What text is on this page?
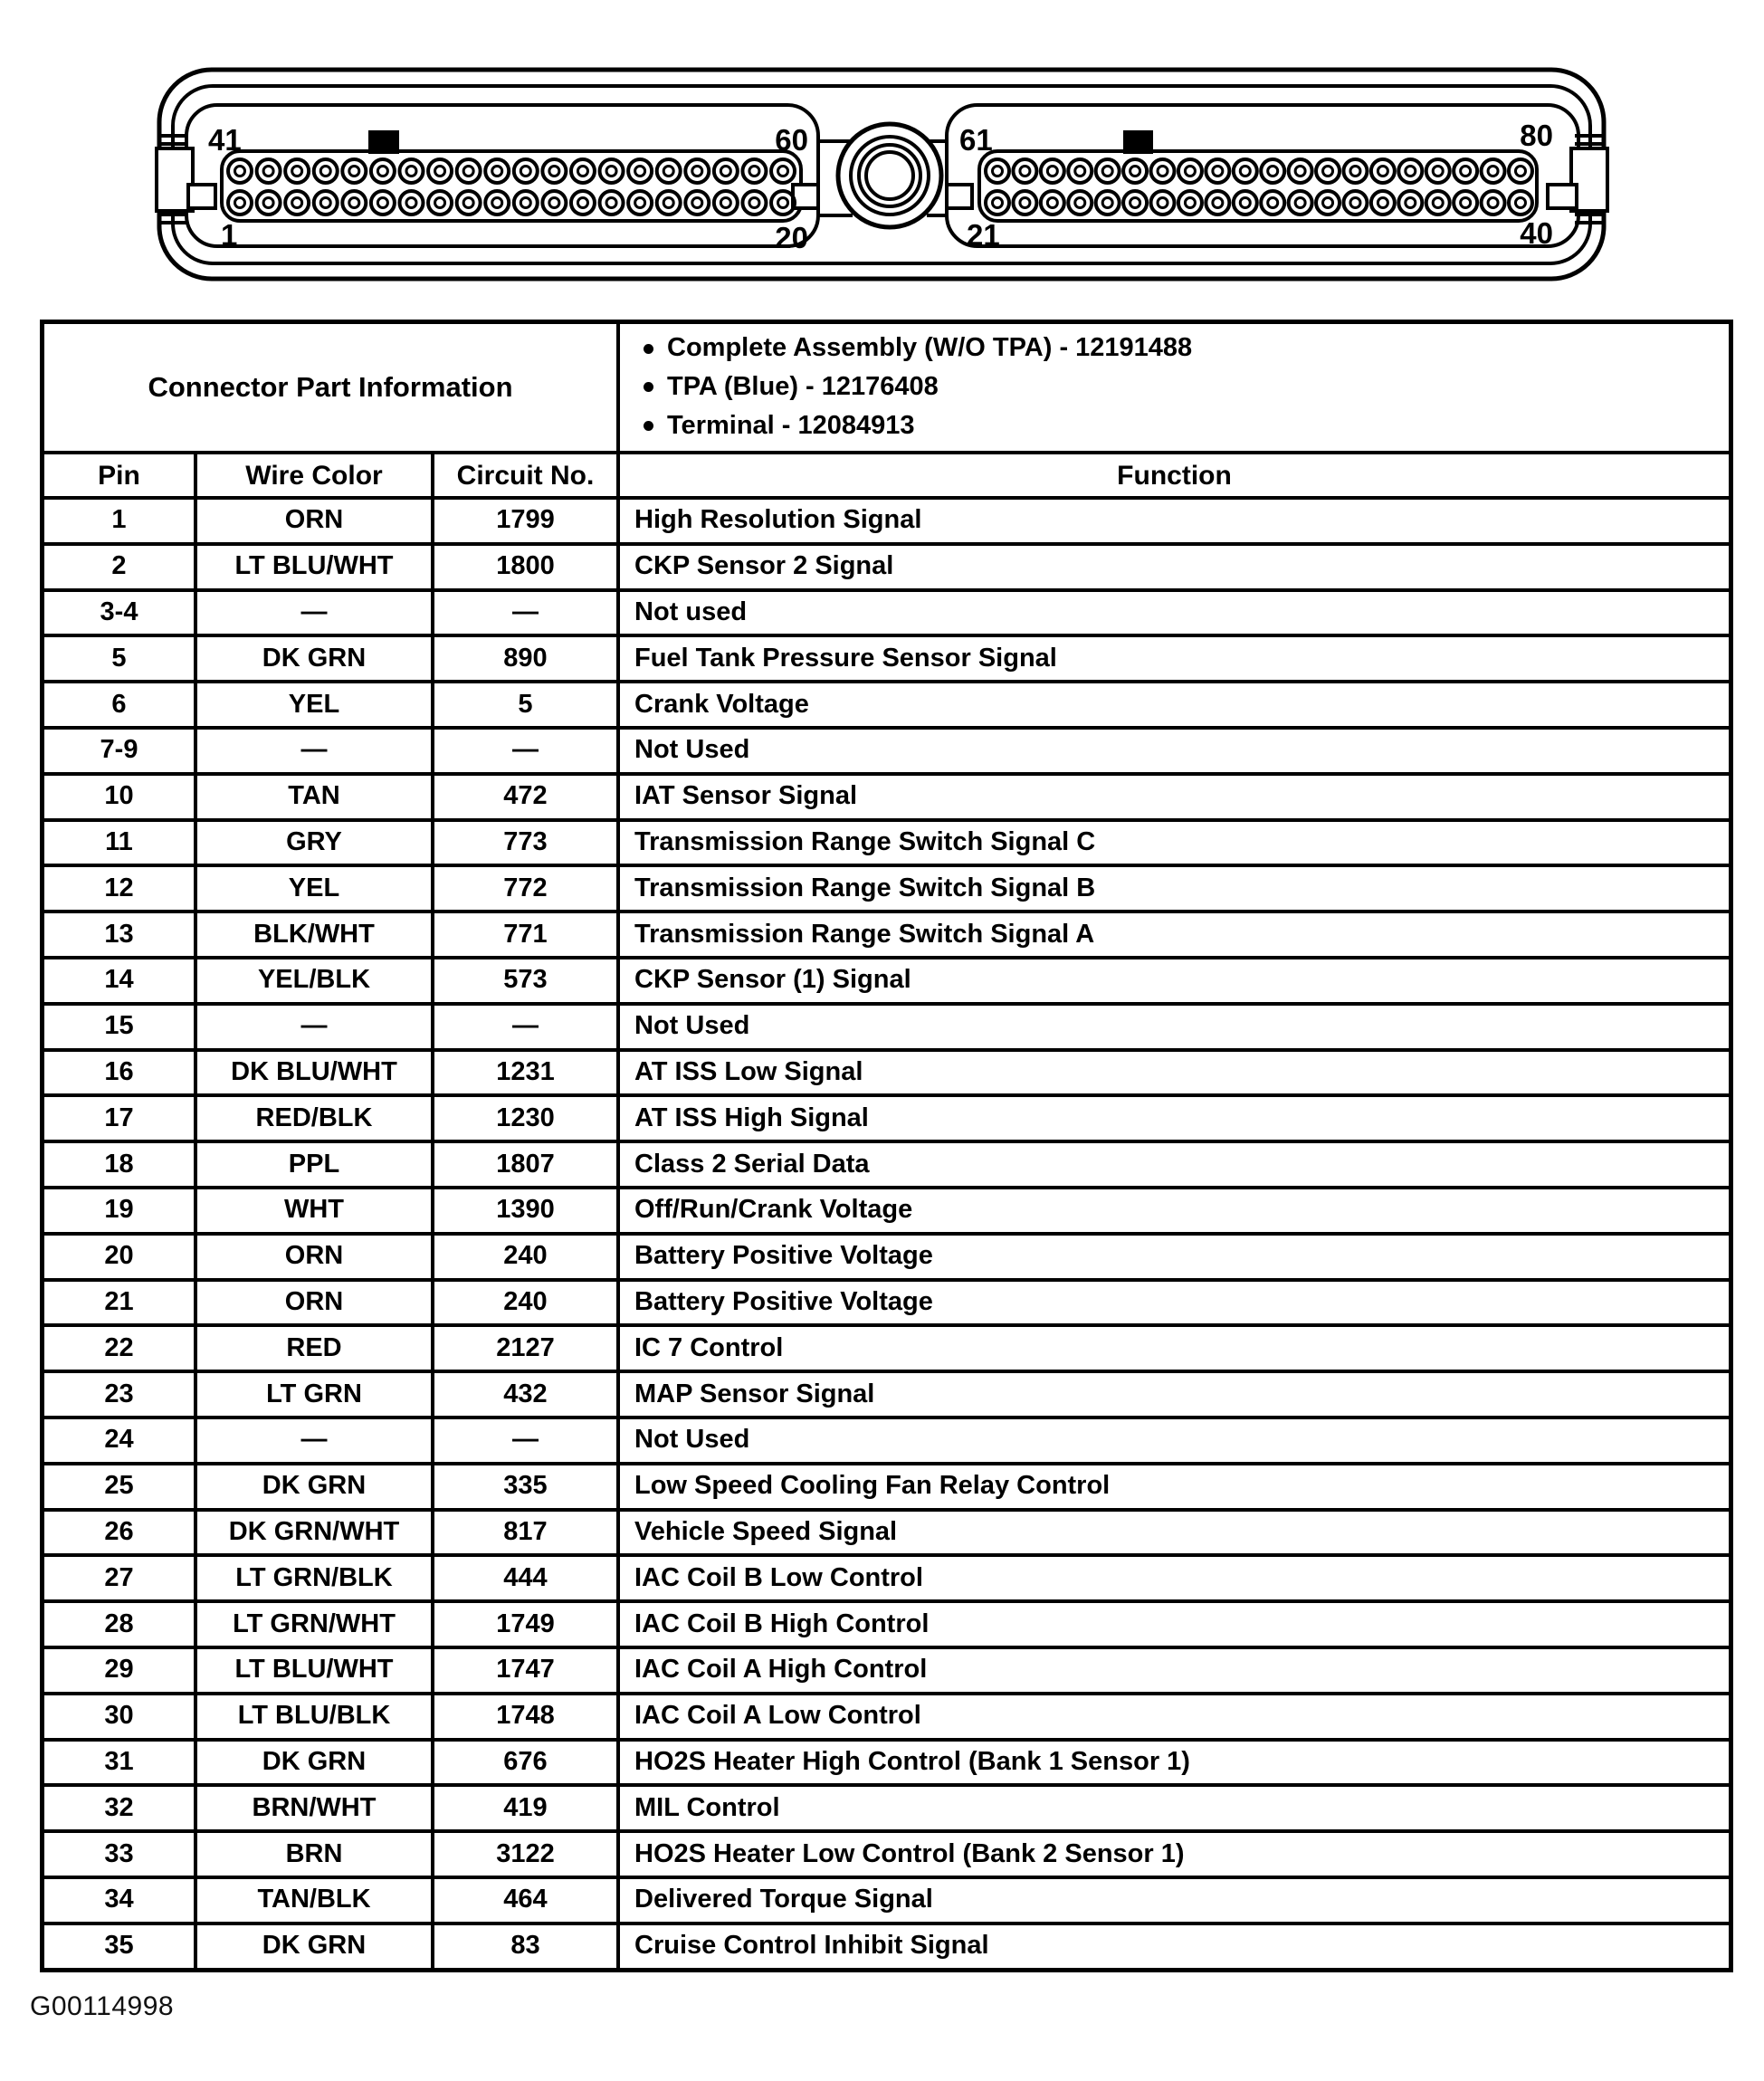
41	60
1	20
61	80
21	40
Connector Part Information
Complete Assembly (W/O TPA) - 12191488
TPA (Blue) - 12176408
Terminal - 12084913
Pin	Wire Color	Circuit No.	Function
1	ORN	1799	High Resolution Signal
2	LT BLU/WHT	1800	CKP Sensor 2 Signal
3-4	—	—	Not used
5	DK GRN	890	Fuel Tank Pressure Sensor Signal
6	YEL	5	Crank Voltage
7-9	—	—	Not Used
10	TAN	472	IAT Sensor Signal
11	GRY	773	Transmission Range Switch Signal C
12	YEL	772	Transmission Range Switch Signal B
13	BLK/WHT	771	Transmission Range Switch Signal A
14	YEL/BLK	573	CKP Sensor (1) Signal
15	—	—	Not Used
16	DK BLU/WHT	1231	AT ISS Low Signal
17	RED/BLK	1230	AT ISS High Signal
18	PPL	1807	Class 2 Serial Data
19	WHT	1390	Off/Run/Crank Voltage
20	ORN	240	Battery Positive Voltage
21	ORN	240	Battery Positive Voltage
22	RED	2127	IC 7 Control
23	LT GRN	432	MAP Sensor Signal
24	—	—	Not Used
25	DK GRN	335	Low Speed Cooling Fan Relay Control
26	DK GRN/WHT	817	Vehicle Speed Signal
27	LT GRN/BLK	444	IAC Coil B Low Control
28	LT GRN/WHT	1749	IAC Coil B High Control
29	LT BLU/WHT	1747	IAC Coil A High Control
30	LT BLU/BLK	1748	IAC Coil A Low Control
31	DK GRN	676	HO2S Heater High Control (Bank 1 Sensor 1)
32	BRN/WHT	419	MIL Control
33	BRN	3122	HO2S Heater Low Control (Bank 2 Sensor 1)
34	TAN/BLK	464	Delivered Torque Signal
35	DK GRN	83	Cruise Control Inhibit Signal
G00114998
